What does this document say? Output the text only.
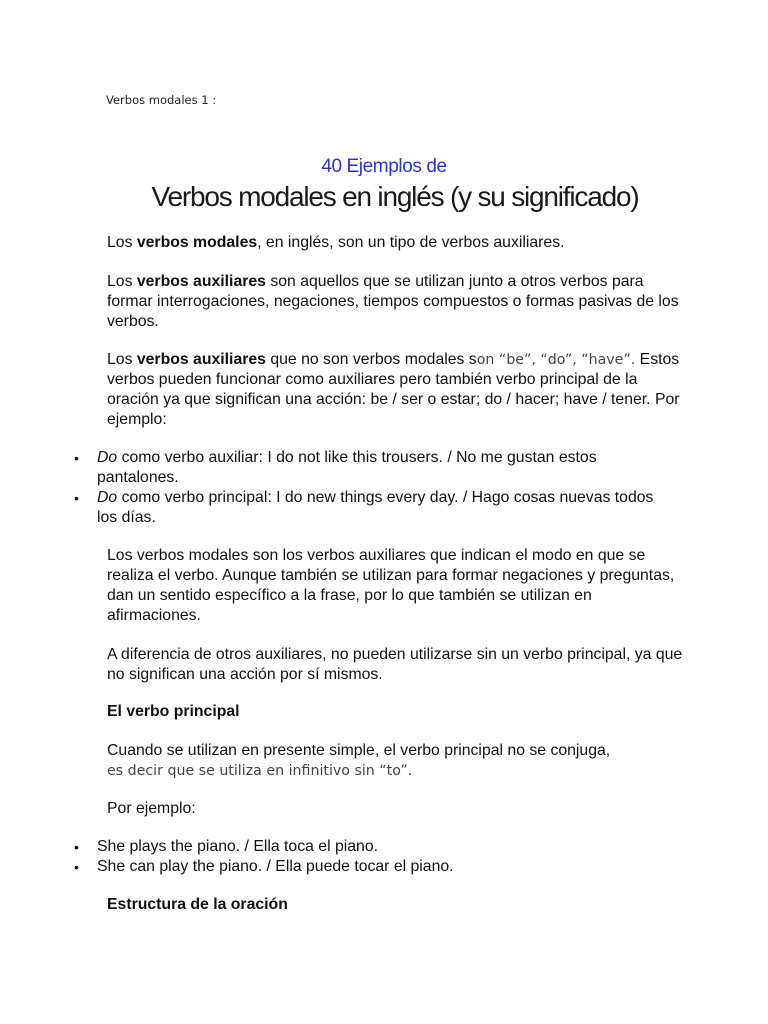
Verbos modales 1 :
40 Ejemplos de
Verbos modales en inglés (y su significado)
Los verbos modales, en inglés, son un tipo de verbos auxiliares.
Los verbos auxiliares son aquellos que se utilizan junto a otros verbos para formar interrogaciones, negaciones, tiempos compuestos o formas pasivas de los verbos.
Los verbos auxiliares que no son verbos modales son “be”, “do”, “have”. Estos verbos pueden funcionar como auxiliares pero también verbo principal de la oración ya que significan una acción: be / ser o estar; do / hacer; have / tener. Por ejemplo:
• Do como verbo auxiliar: I do not like this trousers. / No me gustan estos pantalones.
• Do como verbo principal: I do new things every day. / Hago cosas nuevas todos los días.
Los verbos modales son los verbos auxiliares que indican el modo en que se realiza el verbo. Aunque también se utilizan para formar negaciones y preguntas, dan un sentido específico a la frase, por lo que también se utilizan en afirmaciones.
A diferencia de otros auxiliares, no pueden utilizarse sin un verbo principal, ya que no significan una acción por sí mismos.
El verbo principal
Cuando se utilizan en presente simple, el verbo principal no se conjuga,
es decir que se utiliza en infinitivo sin “to”.
Por ejemplo:
• She plays the piano. / Ella toca el piano.
• She can play the piano. / Ella puede tocar el piano.
Estructura de la oración
